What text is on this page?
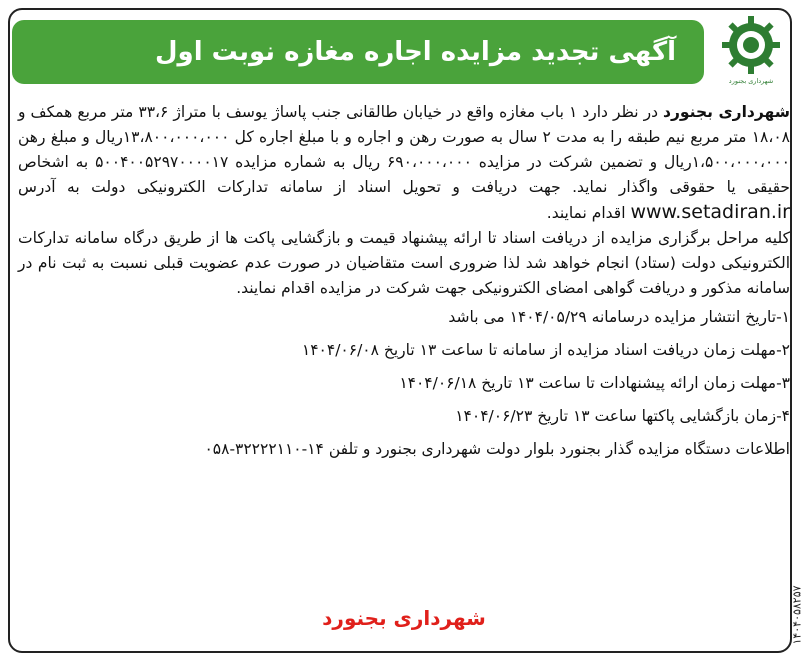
شهرداری بجنورد
آگهی تجدید مزایده اجاره مغازه نوبت اول

شهرداری بجنورد در نظر دارد ۱ باب مغازه واقع در خیابان طالقانی جنب پاساژ یوسف با متراژ ۳۳،۶ متر مربع همکف و ۱۸،۰۸ متر مربع نیم طبقه را به مدت ۲ سال به صورت رهن و اجاره و با مبلغ اجاره کل ۱۳،۸۰۰،۰۰۰،۰۰۰ریال و مبلغ رهن ۱،۵۰۰،۰۰۰،۰۰۰ریال و تضمین شرکت در مزایده ۶۹۰،۰۰۰،۰۰۰ ریال به شماره مزایده ۵۰۰۴۰۰۵۲۹۷۰۰۰۰۱۷ به اشخاص حقیقی یا حقوقی واگذار نماید. جهت دریافت و تحویل اسناد از سامانه تدارکات الکترونیکی دولت به آدرس www.setadiran.ir اقدام نمایند.

کلیه مراحل برگزاری مزایده از دریافت اسناد تا ارائه پیشنهاد قیمت و بازگشایی پاکت ها از طریق درگاه سامانه تدارکات الکترونیکی دولت (ستاد) انجام خواهد شد لذا ضروری است متقاضیان در صورت عدم عضویت قبلی نسبت به ثبت نام در سامانه مذکور و دریافت گواهی امضای الکترونیکی جهت شرکت در مزایده اقدام نمایند.

۱-تاریخ انتشار مزایده درسامانه ۱۴۰۴/۰۵/۲۹ می باشد
۲-مهلت زمان دریافت اسناد مزایده از سامانه تا ساعت ۱۳ تاریخ ۱۴۰۴/۰۶/۰۸
۳-مهلت زمان ارائه پیشنهادات تا ساعت ۱۳ تاریخ ۱۴۰۴/۰۶/۱۸
۴-زمان بازگشایی پاکتها ساعت ۱۳ تاریخ ۱۴۰۴/۰۶/۲۳

اطلاعات دستگاه مزایده گذار بجنورد بلوار دولت شهرداری بجنورد و تلفن ۱۴-۳۲۲۲۲۱۱۰-۰۵۸

شهرداری بجنورد	۱۴۰۴۰۵۸۲۵۷
